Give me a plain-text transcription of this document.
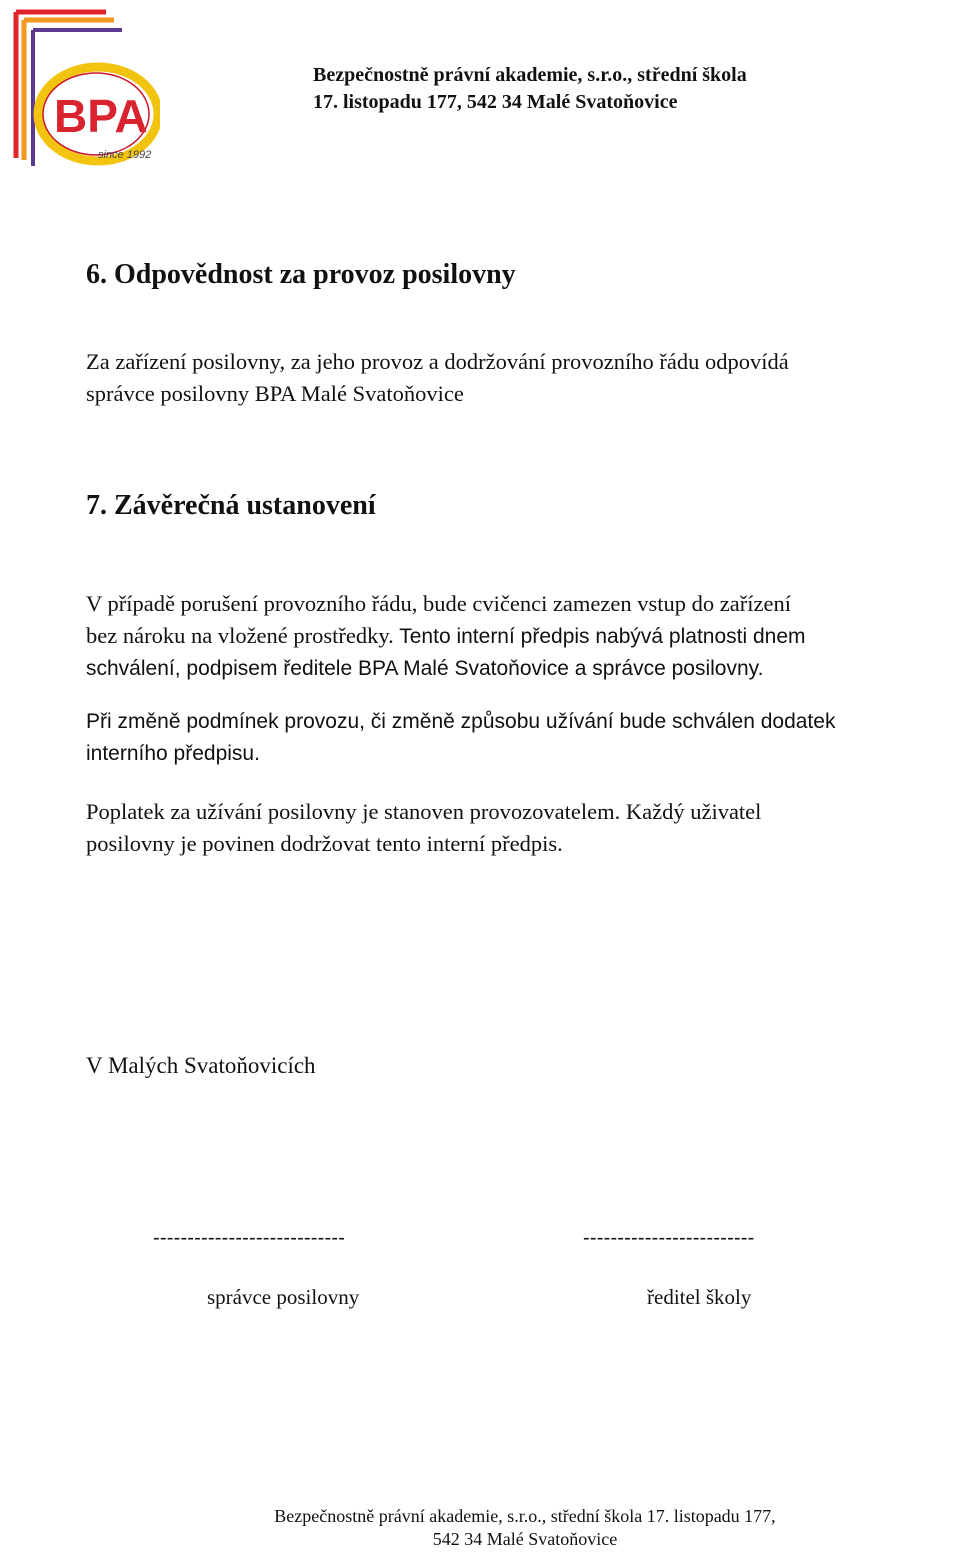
BPA
since 1992
Bezpečnostně právní akademie, s.r.o., střední škola
17. listopadu 177, 542 34 Malé Svatoňovice
6. Odpovědnost za provoz posilovny
Za zařízení posilovny, za jeho provoz a dodržování provozního řádu odpovídá
správce posilovny BPA Malé Svatoňovice
7. Závěrečná ustanovení
V případě porušení provozního řádu, bude cvičenci zamezen vstup do zařízení
bez nároku na vložené prostředky. Tento interní předpis nabývá platnosti dnem
schválení, podpisem ředitele BPA Malé Svatoňovice a správce posilovny.
Při změně podmínek provozu, či změně způsobu užívání bude schválen dodatek
interního předpisu.
Poplatek za užívání posilovny je stanoven provozovatelem. Každý uživatel
posilovny je povinen dodržovat tento interní předpis.
V Malých Svatoňovicích
----------------------------	-------------------------
správce posilovny	ředitel školy
Bezpečnostně právní akademie, s.r.o., střední škola 17. listopadu 177,
542 34 Malé Svatoňovice
